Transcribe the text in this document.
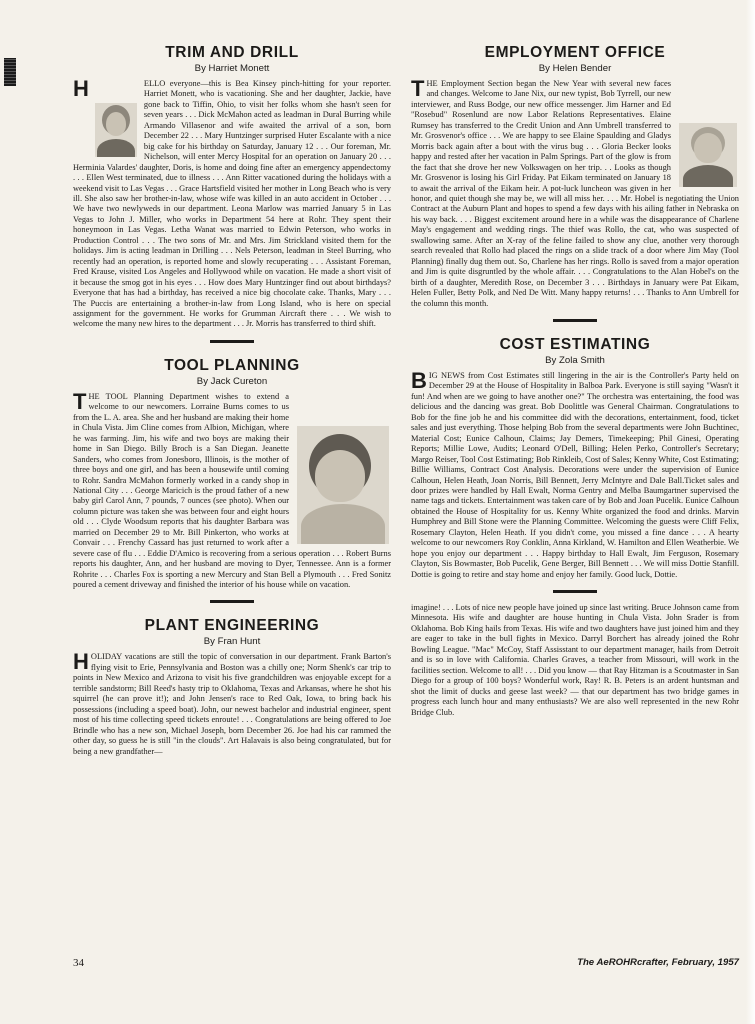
TRIM AND DRILL
By Harriet Monett

H	ELLO everyone—this is Bea Kinsey pinch-hitting for your reporter. Harriet Monett, who is vacationing. She and her daughter, Jackie, have gone back to Tiffin, Ohio, to visit her folks whom she hasn't seen for seven years . . . Dick McMahon acted as leadman in Dural Burring while Armando Villasenor and wife awaited the arrival of a son, born December 22 . . . Mary Huntzinger surprised Huter Escalante with a nice big cake for his birthday on Saturday, January 12 . . . Our foreman, Mr. Nichelson, will enter Mercy Hospital for an operation on January 20 . . . Herminia Valardes' daughter, Doris, is home and doing fine after an emergency appendectomy . . . Ellen West terminated, due to illness . . . Ann Ritter vacationed during the holidays with a weekend visit to Las Vegas . . . Grace Hartsfield visited her mother in Long Beach who is very ill. She also saw her brother-in-law, whose wife was killed in an auto accident in October . . . We have two newlyweds in our department. Leona Marlow was married January 5 in Las Vegas to John J. Miller, who works in Department 54 here at Rohr. They spent their honeymoon in Las Vegas. Letha Wanat was married to Edwin Peterson, who works in Production Control . . . The two sons of Mr. and Mrs. Jim Strickland visited them for the holidays. Jim is acting leadman in Drilling . . . Nels Peterson, leadman in Steel Burring, who recently had an operation, is reported home and slowly recuperating . . . Assistant Foreman, Fred Krause, visited Los Angeles and Hollywood while on vacation. He made a short visit of it because the smog got in his eyes . . . How does Mary Huntzinger find out about birthdays? Everyone that has had a birthday, has received a nice big chocolate cake. Thanks, Mary . . . The Puccis are entertaining a brother-in-law from Long Island, who is here on special assignment for the government. He works for Grumman Aircraft there . . . We wish to welcome the many new hires to the department . . . Jr. Morris has transferred to third shift.

TOOL PLANNING
By Jack Cureton

T HE TOOL Planning Department wishes to extend a welcome to our newcomers. Lorraine Burns comes to us from the L. A. area. She and her husband are making their home in Chula Vista. Jim Cline comes from Albion, Michigan, where he was farming. Jim, his wife and two boys are making their home in San Diego. Billy Broch is a San Diegan. Jeanette Sanders, who comes from Jonesboro, Illinois, is the mother of three boys and one girl, and has been a housewife until coming to Rohr. Sandra McMahon formerly worked in a candy shop in National City . . . George Maricich is the proud father of a new baby girl Carol Ann, 7 pounds, 7 ounces (see photo). When our column picture was taken she was between four and eight hours old . . . Clyde Woodsum reports that his daughter Barbara was married on December 29 to Mr. Bill Pinkerton, who works at Convair . . . Frenchy Cassard has just returned to work after a severe case of flu . . . Eddie D'Amico is recovering from a serious operation . . . Robert Burns reports his daughter, Ann, and her husband are moving to Dyer, Tennessee. Ann is a former Rohrite . . . Charles Fox is sporting a new Mercury and Stan Bell a Plymouth . . . Fred Sonitz poured a cement driveway and finished the interior of his house while on vacation.

PLANT ENGINEERING
By Fran Hunt

H OLIDAY vacations are still the topic of conversation in our department. Frank Barton's flying visit to Erie, Pennsylvania and Boston was a chilly one; Norm Shenk's car trip to points in New Mexico and Arizona to visit his five grandchildren was enjoyable except for a terrible sandstorm; Bill Reed's hasty trip to Oklahoma, Texas and Arkansas, where he shot his squirrel (he can prove it!); and John Jensen's race to Red Oak, Iowa, to bring back his possessions (including a speed boat). John, our newest bachelor and industrial engineer, spent most of his time collecting speed tickets enroute! . . . Congratulations are being offered to Joe Brindle who has a new son, Michael Joseph, born December 26. Joe had his car rammed the other day, so guess he is still "in the clouds". Art Halavais is also being congratulated, but for being a new grandfather—

EMPLOYMENT OFFICE
By Helen Bender

T HE Employment Section began the New Year with several new faces and changes. Welcome to Jane Nix, our new typist, Bob Tyrrell, our new interviewer, and Russ Bodge, our new office messenger. Jim Harner and Ed "Rosebud" Rosenlund are now Labor Relations Representatives. Elaine Rumsey has transferred to the Credit Union and Ann Umbrell transferred to Mr. Grosvenor's office . . . We are happy to see Elaine Spaulding and Gladys Morris back again after a bout with the virus bug . . . Gloria Becker looks happy and rested after her vacation in Palm Springs. Part of the glow is from the fact that she drove her new Volkswagen on her trip. . . Looks as though Mr. Grosvenor is losing his Girl Friday. Pat Eikam terminated on January 18 to await the arrival of the Eikam heir. A pot-luck luncheon was given in her honor, and quiet though she may be, we will all miss her. . . . Mr. Hobel is negotiating the Union Contract at the Auburn Plant and hopes to spend a few days with his ailing father in Nebraska on his way back. . . . Biggest excitement around here in a while was the disappearance of Charlene May's engagement and wedding rings. The thief was Rollo, the cat, who was suspected of swallowing same. After an X-ray of the feline failed to show any clue, another very thorough search revealed that Rollo had placed the rings on a slide track of a door where Jim May (Tool Planning) finally dug them out. So, Charlene has her rings. Rollo is saved from a major operation and Jim is quite disgruntled by the whole affair. . . . Congratulations to the Alan Hobel's on the birth of a daughter, Meredith Rose, on December 3 . . . Birthdays in January were Pat Eikam, Helen Fuller, Betty Polk, and Ned De Witt. Many happy returns! . . . Thanks to Ann Umbrell for the column this month.

COST ESTIMATING
By Zola Smith

B IG NEWS from Cost Estimates still lingering in the air is the Controller's Party held on December 29 at the House of Hospitality in Balboa Park. Everyone is still saying "Wasn't it fun! And when are we going to have another one?" The orchestra was entertaining, the food was delicious and the dancing was great. Bob Doolittle was General Chairman. Congratulations to Bob for the fine job he and his committee did with the decorations, entertainment, food, ticket sales and just everything. Those helping Bob from the several departments were John Buchtinec, Material Cost; Eunice Calhoun, Claims; Jay Demers, Timekeeping; Phil Ginesi, Operating Reports; Millie Lowe, Audits; Leonard O'Dell, Billing; Helen Perko, Controller's Secretary; Margo Reiser, Tool Cost Estimating; Bob Rinkleib, Cost of Sales; Kenny White, Cost Estimating; Billie Williams, Contract Cost Analysis. Decorations were under the supervision of Eunice Calhoun, Helen Heath, Joan Norris, Bill Bennett, Jerry McIntyre and Dale Ball.Ticket sales and door prizes were handled by Hall Ewalt, Norma Gentry and Melba Baumgartner supervised the name tags and tickets. Entertainment was taken care of by Bob and Joan Pucelik. Eunice Calhoun obtained the House of Hospitality for us. Kenny White organized the food and drinks. Marvin Humphrey and Bill Stone were the Planning Committee. Welcoming the guests were Cliff Felix, Rosemary Clayton, Helen Heath. If you didn't come, you missed a fine dance . . . A hearty welcome to our newcomers Roy Conklin, Anna Kirkland, W. Hamilton and Ellen Weatherbie. We hope you enjoy our department . . . Happy birthday to Hall Ewalt, Jim Ferguson, Rosemary Clayton, Sis Bowmaster, Bob Pucelik, Gene Berger, Bill Bennett . . . We will miss Dottie Stanfill. Dottie is going to retire and stay home and enjoy her family. Good luck, Dottie.

imagine! . . . Lots of nice new people have joined up since last writing. Bruce Johnson came from Minnesota. His wife and daughter are house hunting in Chula Vista. John Srader is from Oklahoma. Bob King hails from Texas. His wife and two daughters have just joined him and they are eager to take in the bull fights in Mexico. Darryl Borchert has already joined the Rohr Bowling League. "Mac" McCoy, Staff Assisstant to our department manager, hails from Detroit and is so in love with California. Charles Graves, a teacher from Missouri, will work in the facilities section. Welcome to all! . . . Did you know — that Ray Hitzman is a Scoutmaster in San Diego for a group of 100 boys? Wonderful work, Ray! R. B. Peters is an ardent huntsman and shot the limit of ducks and geese last week? — that our department has two bridge games in progress each lunch hour and many enthusiasts? We are also well represented in the new Rohr Bridge Club.

34	The AeROHRcrafter, February, 1957
